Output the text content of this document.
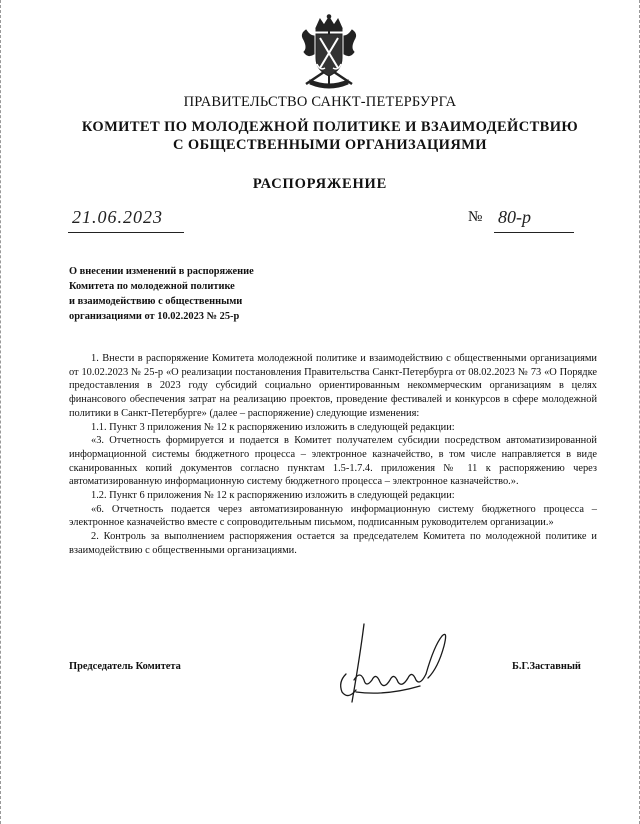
ПРАВИТЕЛЬСТВО САНКТ-ПЕТЕРБУРГА
КОМИТЕТ ПО МОЛОДЕЖНОЙ ПОЛИТИКЕ И ВЗАИМОДЕЙСТВИЮ
С ОБЩЕСТВЕННЫМИ ОРГАНИЗАЦИЯМИ
РАСПОРЯЖЕНИЕ
21.06.2023	№ 80-р
О внесении изменений в распоряжение
Комитета по молодежной политике
и взаимодействию с общественными
организациями от 10.02.2023 № 25-р

1. Внести в распоряжение Комитета молодежной политике и взаимодействию с общественными организациями от 10.02.2023 № 25-р «О реализации постановления Правительства Санкт-Петербурга от 08.02.2023 № 73 «О Порядке предоставления в 2023 году субсидий социально ориентированным некоммерческим организациям в целях финансового обеспечения затрат на реализацию проектов, проведение фестивалей и конкурсов в сфере молодежной политики в Санкт-Петербурге» (далее – распоряжение) следующие изменения:

1.1. Пункт 3 приложения № 12 к распоряжению изложить в следующей редакции:

«3. Отчетность формируется и подается в Комитет получателем субсидии посредством автоматизированной информационной системы бюджетного процесса – электронное казначейство, в том числе направляется в виде сканированных копий документов согласно пунктам 1.5-1.7.4. приложения № 11 к распоряжению через автоматизированную информационную систему бюджетного процесса – электронное казначейство.».

1.2. Пункт 6 приложения № 12 к распоряжению изложить в следующей редакции:

«6. Отчетность подается через автоматизированную информационную систему бюджетного процесса – электронное казначейство вместе с сопроводительным письмом, подписанным руководителем организации.»

2. Контроль за выполнением распоряжения остается за председателем Комитета по молодежной политике и взаимодействию с общественными организациями.

Председатель Комитета	Б.Г.Заставный
